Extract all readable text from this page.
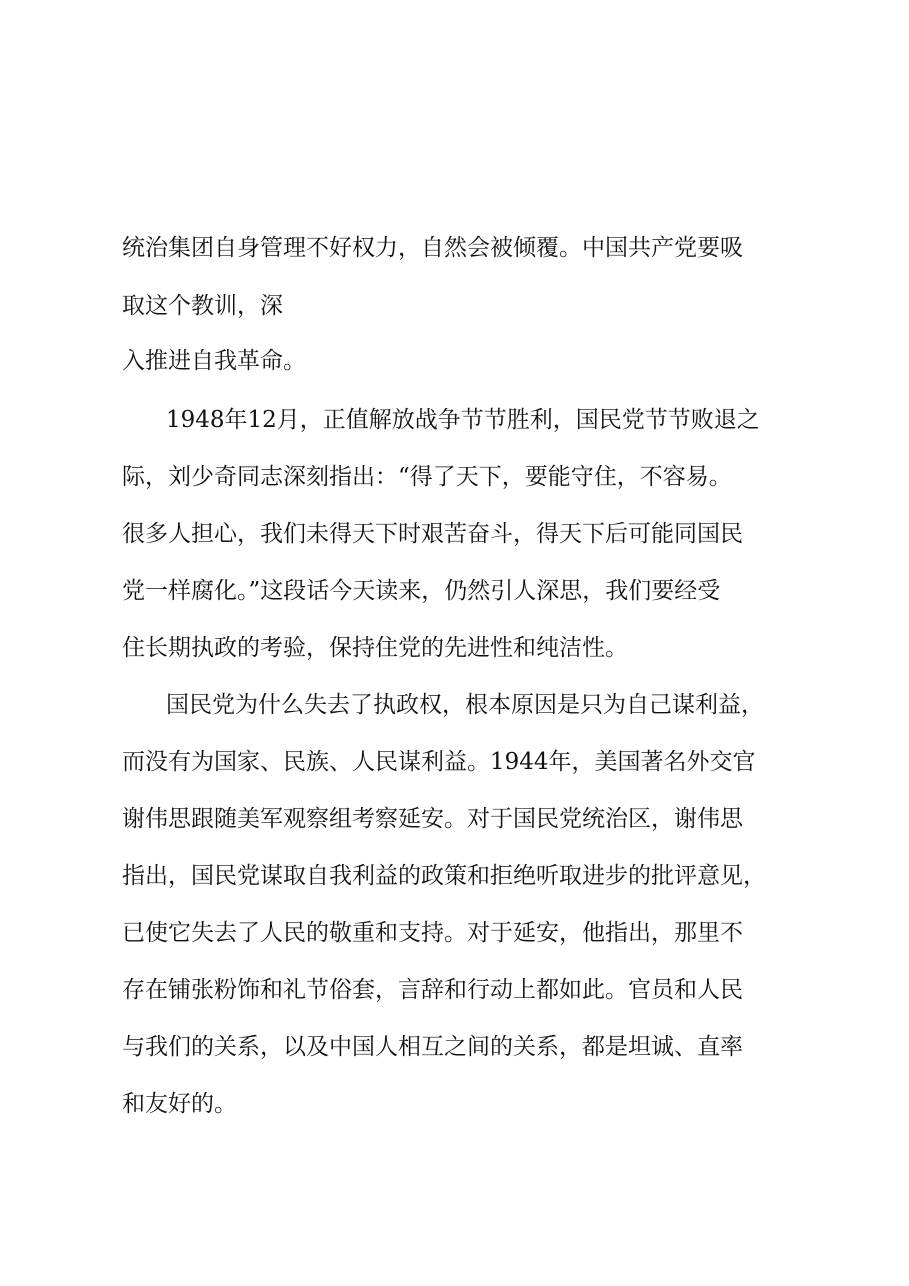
统治集团自身管理不好权力，自然会被倾覆。中国共产党要吸

取这个教训，深

入推进自我革命。

1948年12月，正值解放战争节节胜利，国民党节节败退之

际，刘少奇同志深刻指出：“得了天下，要能守住，不容易。

很多人担心，我们未得天下时艰苦奋斗，得天下后可能同国民

党一样腐化。”这段话今天读来，仍然引人深思，我们要经受

住长期执政的考验，保持住党的先进性和纯洁性。

国民党为什么失去了执政权，根本原因是只为自己谋利益，

而没有为国家、民族、人民谋利益。1944年，美国著名外交官

谢伟思跟随美军观察组考察延安。对于国民党统治区，谢伟思

指出，国民党谋取自我利益的政策和拒绝听取进步的批评意见，

已使它失去了人民的敬重和支持。对于延安，他指出，那里不

存在铺张粉饰和礼节俗套，言辞和行动上都如此。官员和人民

与我们的关系，以及中国人相互之间的关系，都是坦诚、直率

和友好的。
